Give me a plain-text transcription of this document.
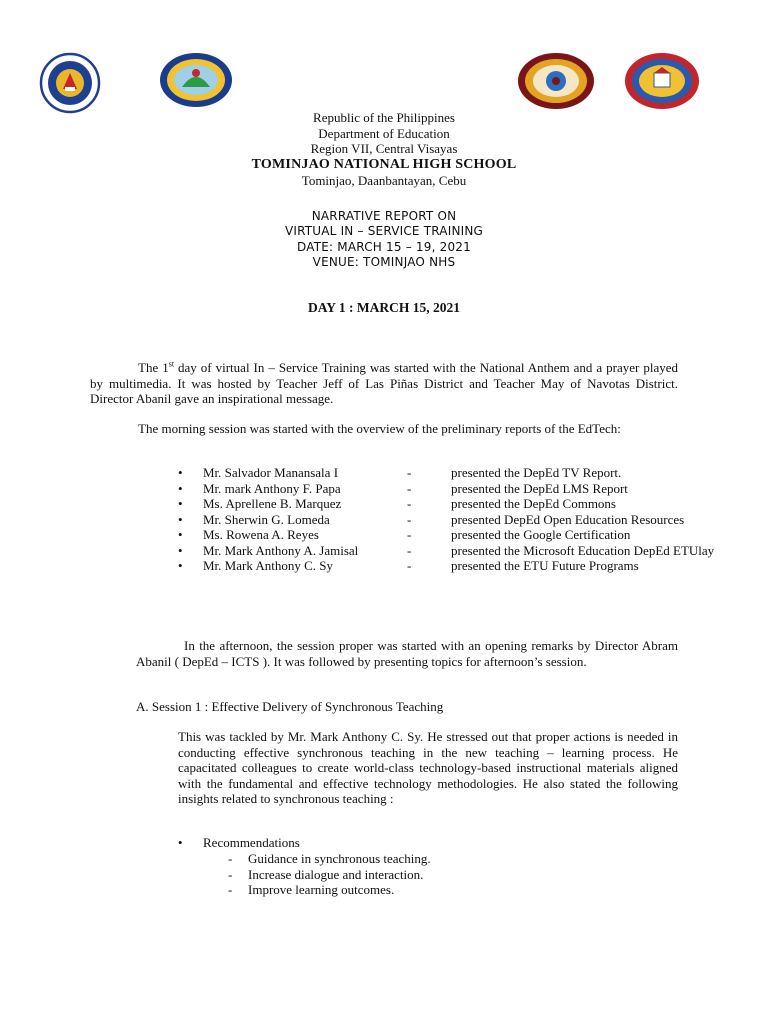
Republic of the Philippines
Department of Education
Region VII, Central Visayas
TOMINJAO NATIONAL HIGH SCHOOL
Tominjao, Daanbantayan, Cebu
NARRATIVE REPORT ON
VIRTUAL IN – SERVICE TRAINING
DATE: MARCH 15 – 19, 2021
VENUE: TOMINJAO NHS
DAY 1 : MARCH 15, 2021
The 1st day of virtual In – Service Training was started with the National Anthem and a prayer played by multimedia. It was hosted by Teacher Jeff of Las Piñas District and Teacher May of Navotas District. Director Abanil gave an inspirational message.
The morning session was started with the overview of the preliminary reports of the EdTech:
• Mr. Salvador Manansala I	-	presented the DepEd TV Report.
• Mr. mark Anthony F. Papa	-	presented the DepEd LMS Report
• Ms. Aprellene B. Marquez	-	presented the DepEd Commons
• Mr. Sherwin G. Lomeda	-	presented DepEd Open Education Resources
• Ms. Rowena A. Reyes	-	presented the Google Certification
• Mr. Mark Anthony A. Jamisal	-	presented the Microsoft Education DepEd ETUlay
• Mr. Mark Anthony C. Sy	-	presented the ETU Future Programs
In the afternoon, the session proper was started with an opening remarks by Director Abram Abanil ( DepEd – ICTS ). It was followed by presenting topics for afternoon’s session.
A. Session 1 : Effective Delivery of Synchronous Teaching
This was tackled by Mr. Mark Anthony C. Sy. He stressed out that proper actions is needed in conducting effective synchronous teaching in the new teaching – learning process. He capacitated colleagues to create world-class technology-based instructional materials aligned with the fundamental and effective technology methodologies. He also stated the following insights related to synchronous teaching :
• Recommendations
- Guidance in synchronous teaching.
- Increase dialogue and interaction.
- Improve learning outcomes.
